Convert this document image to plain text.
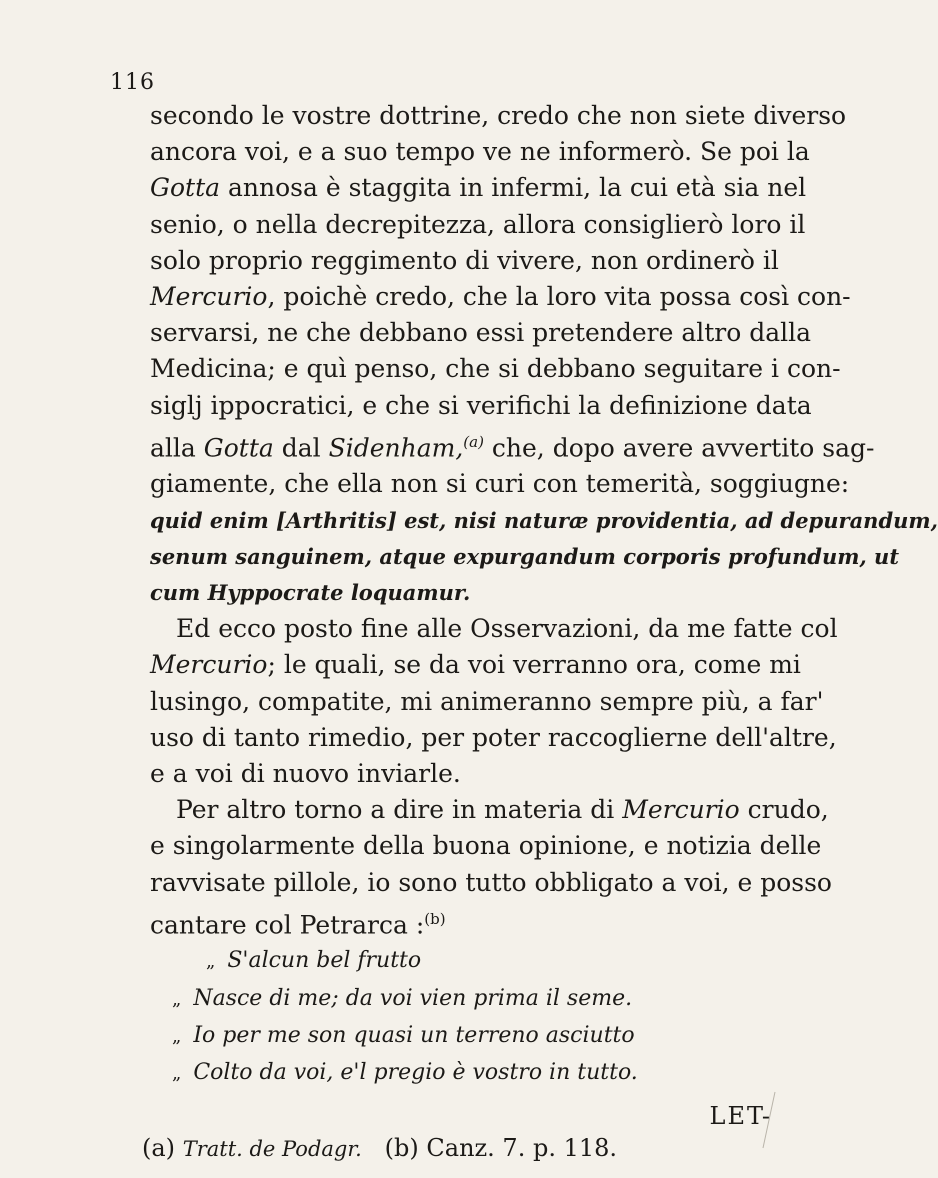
116

secondo le vostre dottrine, credo che non siete diverso
ancora voi, e a suo tempo ve ne informerò. Se poi la
Gotta annosa è staggita in infermi, la cui età sia nel
senio, o nella decrepitezza, allora consiglierò loro il
solo proprio reggimento di vivere, non ordinerò il
Mercurio, poichè credo, che la loro vita possa così con-
servarsi, ne che debbano essi pretendere altro dalla
Medicina; e quì penso, che si debbano seguitare i con-
siglj ippocratici, e che si verifichi la definizione data
alla Gotta dal Sidenham,$^{(a)}$ che, dopo avere avvertito sag-
giamente, che ella non si curi con temerità, soggiugne:
quid enim [Arthritis] est, nisi naturæ providentia, ad depurandum,
senum sanguinem, atque expurgandum corporis profundum, ut
cum Hyppocrate loquamur.

Ed ecco posto fine alle Osservazioni, da me fatte col
Mercurio; le quali, se da voi verranno ora, come mi
lusingo, compatite, mi animeranno sempre più, a far'
uso di tanto rimedio, per poter raccoglierne dell'altre,
e a voi di nuovo inviarle.

Per altro torno a dire in materia di Mercurio crudo,
e singolarmente della buona opinione, e notizia delle
ravvisate pillole, io sono tutto obbligato a voi, e posso
cantare col Petrarca :$^{(b)}$

„ S'alcun bel frutto
„ Nasce di me; da voi vien prima il seme.
„ Io per me son quasi un terreno asciutto
„ Colto da voi, e'l pregio è vostro in tutto.
LET-
(a) Tratt. de Podagr. (b) Canz. 7. p. 118.
